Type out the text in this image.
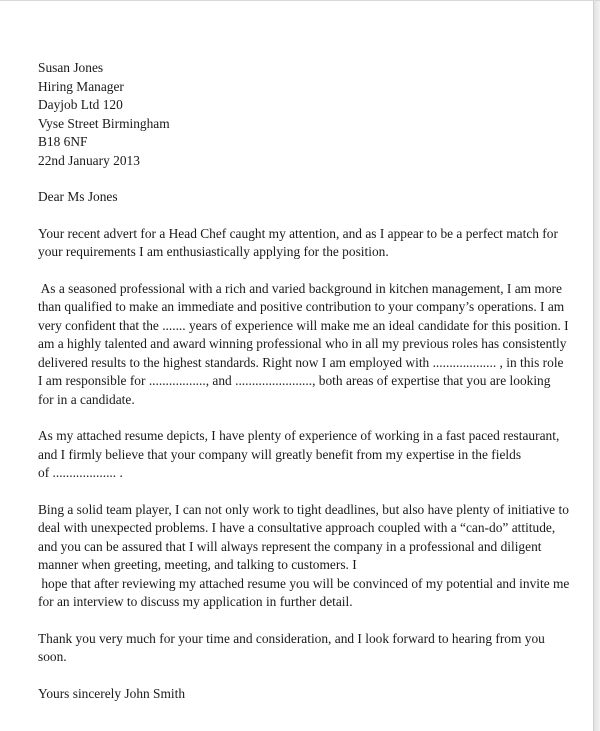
Susan Jones
Hiring Manager
Dayjob Ltd 120
Vyse Street Birmingham
B18 6NF
22nd January 2013
Dear Ms Jones
Your recent advert for a Head Chef caught my attention, and as I appear to be a perfect match for
your requirements I am enthusiastically applying for the position.
As a seasoned professional with a rich and varied background in kitchen management, I am more
than qualified to make an immediate and positive contribution to your company’s operations. I am
very confident that the ....... years of experience will make me an ideal candidate for this position. I
am a highly talented and award winning professional who in all my previous roles has consistently
delivered results to the highest standards. Right now I am employed with ................... , in this role
I am responsible for ................., and ......................., both areas of expertise that you are looking
for in a candidate.
As my attached resume depicts, I have plenty of experience of working in a fast paced restaurant,
and I firmly believe that your company will greatly benefit from my expertise in the fields
of ................... .
Bing a solid team player, I can not only work to tight deadlines, but also have plenty of initiative to
deal with unexpected problems. I have a consultative approach coupled with a “can-do” attitude,
and you can be assured that I will always represent the company in a professional and diligent
manner when greeting, meeting, and talking to customers. I
hope that after reviewing my attached resume you will be convinced of my potential and invite me
for an interview to discuss my application in further detail.
Thank you very much for your time and consideration, and I look forward to hearing from you
soon.
Yours sincerely John Smith
